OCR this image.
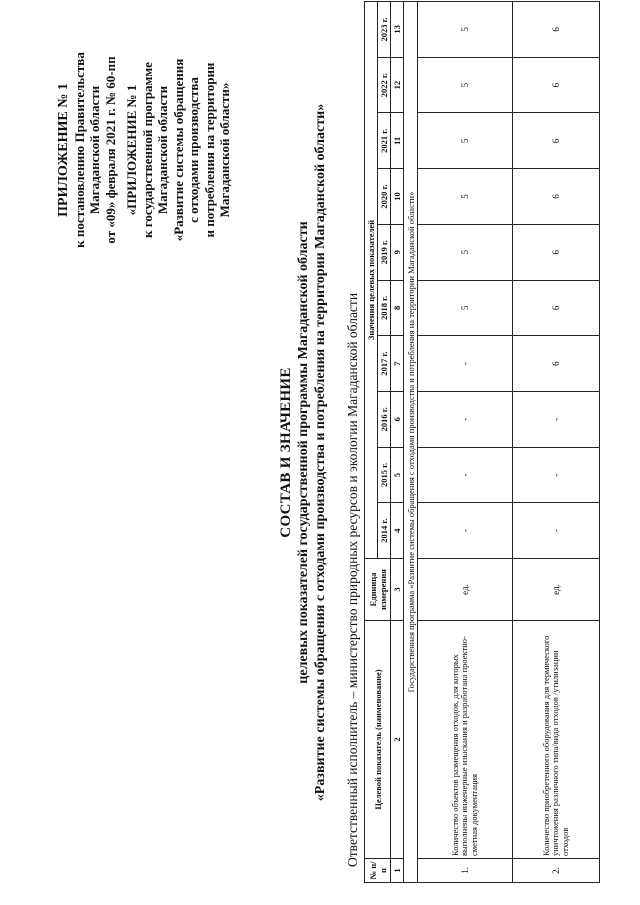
ПРИЛОЖЕНИЕ № 1 к постановлению Правительства Магаданской области от «09» февраля 2021 г. № 60-пп «ПРИЛОЖЕНИЕ № 1 к государственной программе Магаданской области «Развитие системы обращения с отходами производства и потребления на территории Магаданской области»
СОСТАВ И ЗНАЧЕНИЕ целевых показателей государственной программы Магаданской области «Развитие системы обращения с отходами производства и потребления на территории Магаданской области» Ответственный исполнитель – министерство природных ресурсов и экологии Магаданской области
№ п/п	Целевой показатель (наименование)	Единица измерения	Значения целевых показателей									
			2014 г.	2015 г.	2016 г.	2017 г.	2018 г.	2019 г.	2020 г.	2021 г.	2022 г.	2023 г.
1	2	3	4	5	6	7	8	9	10	11	12	13
Государственная программа «Развитие системы обращения с отходами производства и потребления на территории Магаданской области»												
1.	Количество объектов размещения отходов, для которых выполнены инженерные изыскания и разработана проектно-сметная документация	ед.	-	-	-	-	5	5	5	5	5	5
2.	Количество приобретенного оборудования для термического уничтожения различного типа/вида отходов /утилизации отходов	ед.	-	-	-	6	6	6	6	6	6	6
